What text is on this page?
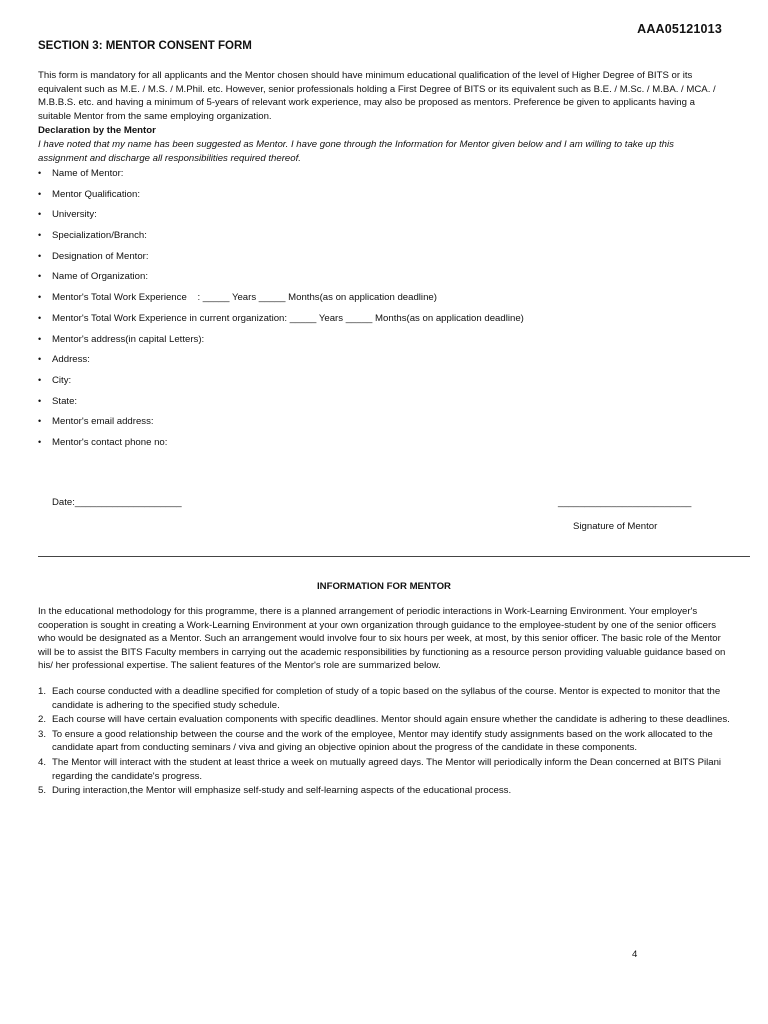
AAA05121013
SECTION 3: MENTOR CONSENT FORM
This form is mandatory for all applicants and the Mentor chosen should have minimum educational qualification of the level of Higher Degree of BITS or its equivalent such as M.E. / M.S. / M.Phil. etc. However, senior professionals holding a First Degree of BITS or its equivalent such as B.E. / M.Sc. / M.BA. / MCA. / M.B.B.S. etc. and having a minimum of 5-years of relevant work experience, may also be proposed as mentors. Preference be given to applicants having a suitable Mentor from the same employing organization.
Declaration by the Mentor
I have noted that my name has been suggested as Mentor. I have gone through the Information for Mentor given below and I am willing to take up this assignment and discharge all responsibilities required thereof.
• Name of Mentor:
• Mentor Qualification:
• University:
• Specialization/Branch:
• Designation of Mentor:
• Name of Organization:
• Mentor's Total Work Experience    : _____ Years _____ Months(as on application deadline)
• Mentor's Total Work Experience in current organization: _____ Years _____ Months(as on application deadline)
• Mentor's address(in capital Letters):
• Address:
• City:
• State:
• Mentor's email address:
• Mentor's contact phone no:
Date:____________________	_________________________
Signature of Mentor
INFORMATION FOR MENTOR
In the educational methodology for this programme, there is a planned arrangement of periodic interactions in Work-Learning Environment. Your employer's cooperation is sought in creating a Work-Learning Environment at your own organization through guidance to the employee-student by one of the senior officers who would be designated as a Mentor. Such an arrangement would involve four to six hours per week, at most, by this senior officer. The basic role of the Mentor will be to assist the BITS Faculty members in carrying out the academic responsibilities by functioning as a resource person providing valuable guidance based on his/ her professional expertise. The salient features of the Mentor's role are summarized below.
1. Each course conducted with a deadline specified for completion of study of a topic based on the syllabus of the course. Mentor is expected to monitor that the candidate is adhering to the specified study schedule.
2. Each course will have certain evaluation components with specific deadlines. Mentor should again ensure whether the candidate is adhering to these deadlines.
3. To ensure a good relationship between the course and the work of the employee, Mentor may identify study assignments based on the work allocated to the candidate apart from conducting seminars / viva and giving an objective opinion about the progress of the candidate in these components.
4. The Mentor will interact with the student at least thrice a week on mutually agreed days. The Mentor will periodically inform the Dean concerned at BITS Pilani regarding the candidate's progress.
5. During interaction,the Mentor will emphasize self-study and self-learning aspects of the educational process.
4
